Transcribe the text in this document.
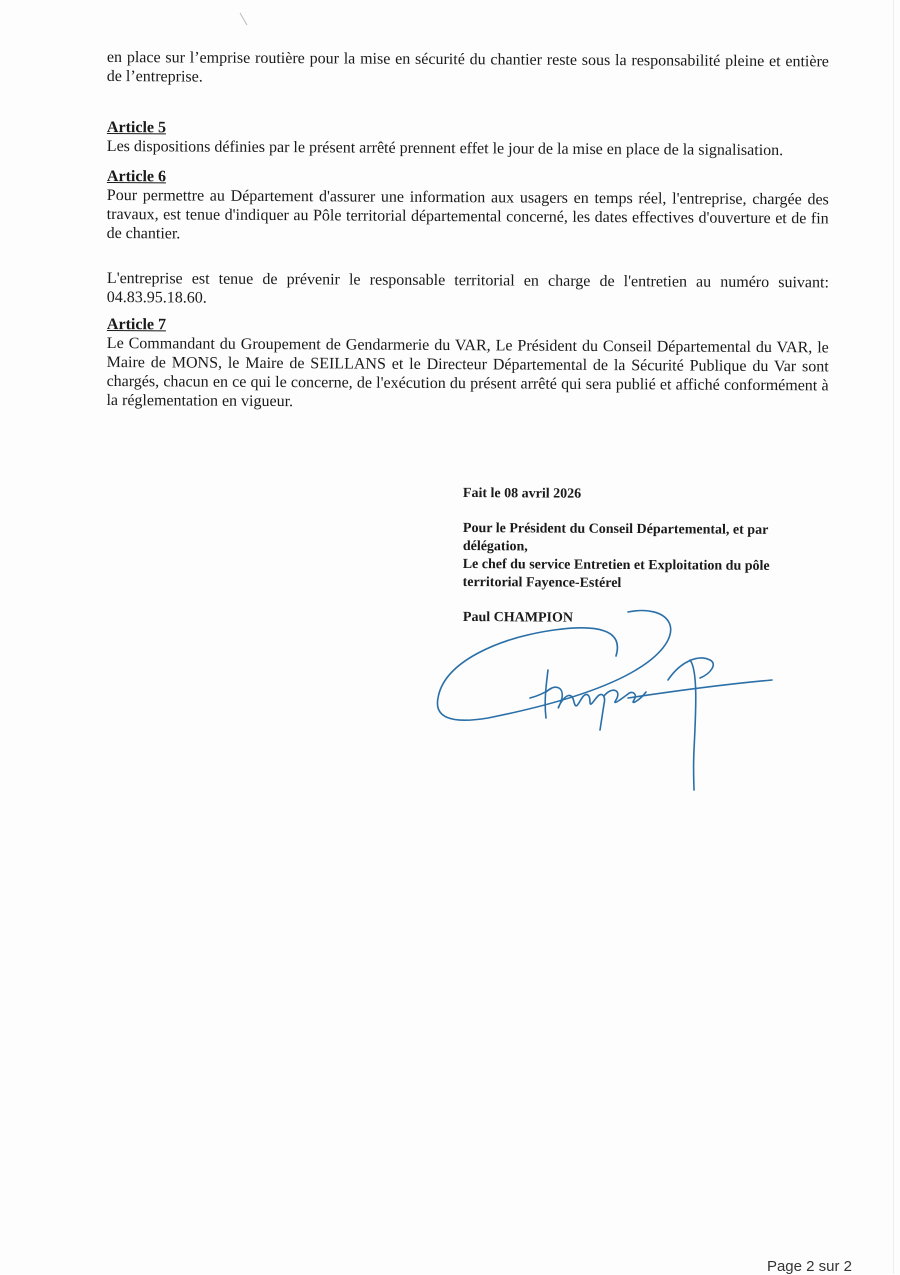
en place sur l’emprise routière pour la mise en sécurité du chantier reste sous la responsabilité pleine et entière de l’entreprise.

Article 5

Les dispositions définies par le présent arrêté prennent effet le jour de la mise en place de la signalisation.

Article 6

Pour permettre au Département d'assurer une information aux usagers en temps réel, l'entreprise, chargée des travaux, est tenue d'indiquer au Pôle territorial départemental concerné, les dates effectives d'ouverture et de fin de chantier.

L'entreprise est tenue de prévenir le responsable territorial en charge de l'entretien au numéro suivant: 04.83.95.18.60.

Article 7

Le Commandant du Groupement de Gendarmerie du VAR, Le Président du Conseil Départemental du VAR, le Maire de MONS, le Maire de SEILLANS et le Directeur Départemental de la Sécurité Publique du Var sont chargés, chacun en ce qui le concerne, de l'exécution du présent arrêté qui sera publié et affiché conformément à la réglementation en vigueur.

Fait le 08 avril 2026
Pour le Président du Conseil Départemental, et par délégation,
Le chef du service Entretien et Exploitation du pôle territorial Fayence-Estérel
Paul CHAMPION
Page 2 sur 2
